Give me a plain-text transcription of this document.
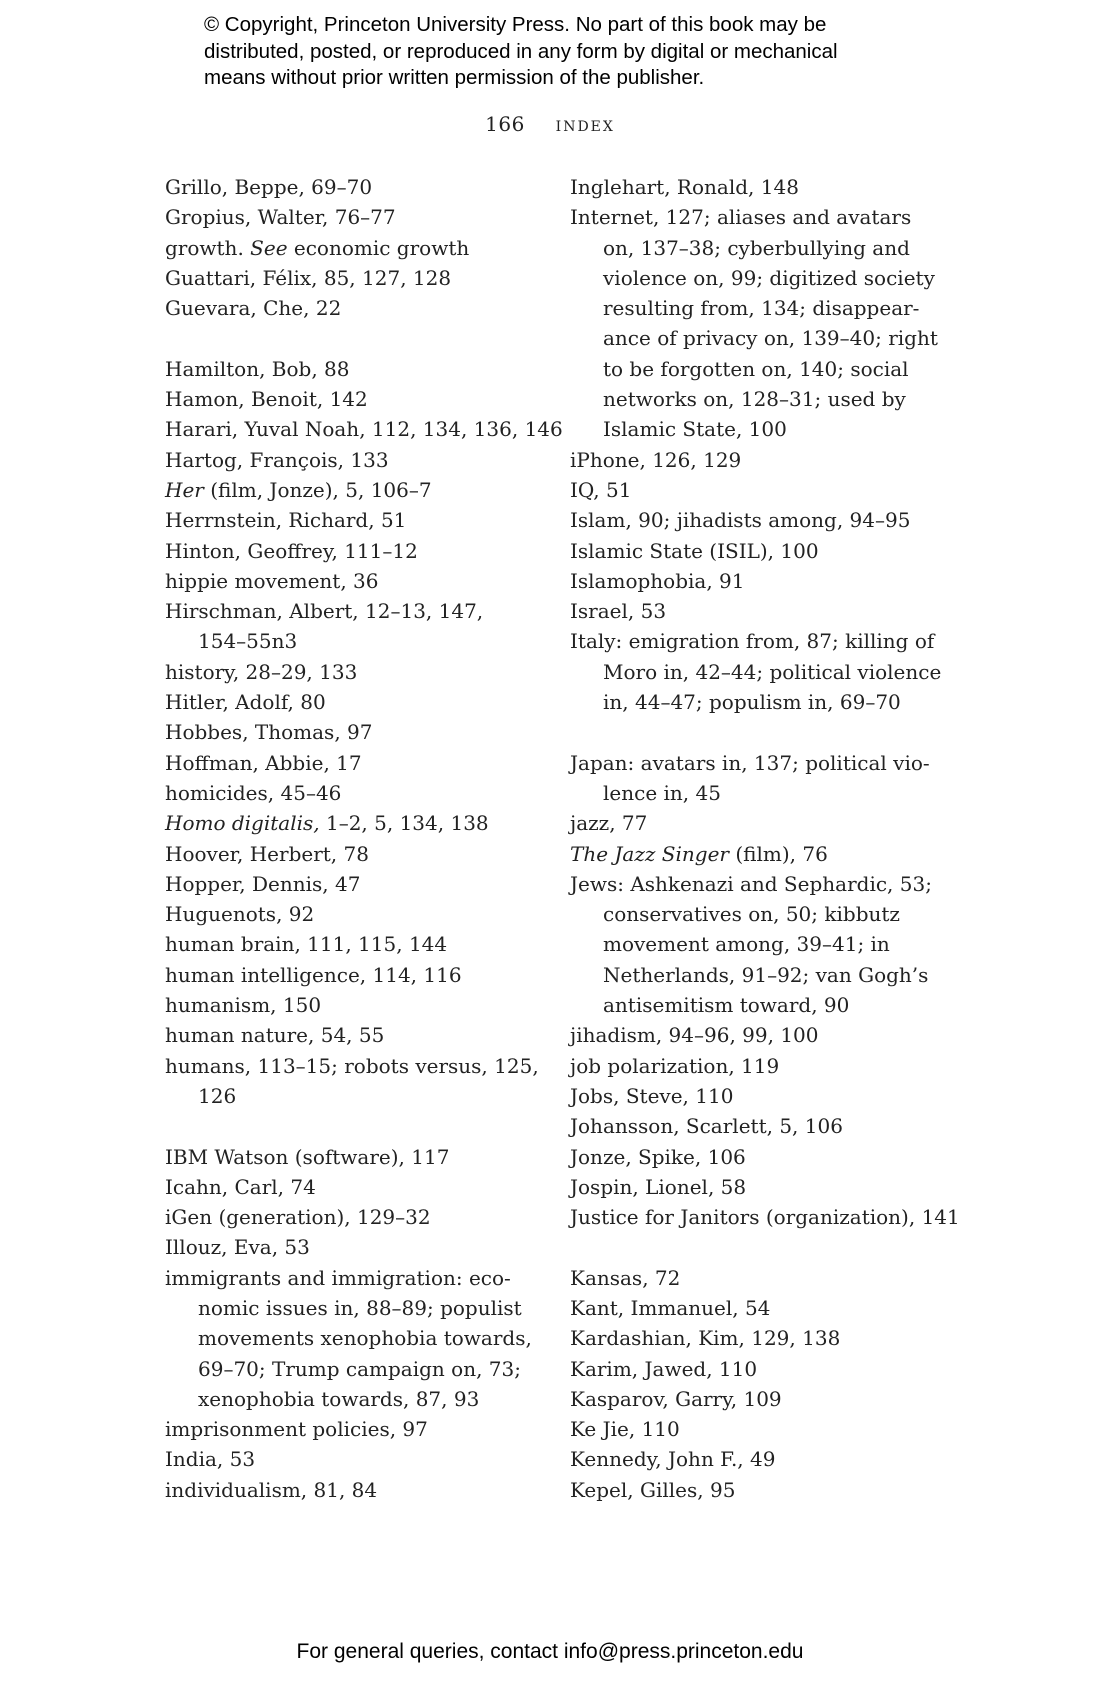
© Copyright, Princeton University Press. No part of this book may be
distributed, posted, or reproduced in any form by digital or mechanical
means without prior written permission of the publisher.
166 index
Grillo, Beppe, 69–70
Gropius, Walter, 76–77
growth. See economic growth
Guattari, Félix, 85, 127, 128
Guevara, Che, 22
Hamilton, Bob, 88
Hamon, Benoit, 142
Harari, Yuval Noah, 112, 134, 136, 146
Hartog, François, 133
Her (film, Jonze), 5, 106–7
Herrnstein, Richard, 51
Hinton, Geoffrey, 111–12
hippie movement, 36
Hirschman, Albert, 12–13, 147,
154–55n3
history, 28–29, 133
Hitler, Adolf, 80
Hobbes, Thomas, 97
Hoffman, Abbie, 17
homicides, 45–46
Homo digitalis, 1–2, 5, 134, 138
Hoover, Herbert, 78
Hopper, Dennis, 47
Huguenots, 92
human brain, 111, 115, 144
human intelligence, 114, 116
humanism, 150
human nature, 54, 55
humans, 113–15; robots versus, 125,
126
IBM Watson (software), 117
Icahn, Carl, 74
iGen (generation), 129–32
Illouz, Eva, 53
immigrants and immigration: eco-
nomic issues in, 88–89; populist
movements xenophobia towards,
69–70; Trump campaign on, 73;
xenophobia towards, 87, 93
imprisonment policies, 97
India, 53
individualism, 81, 84
Inglehart, Ronald, 148
Internet, 127; aliases and avatars
on, 137–38; cyberbullying and
violence on, 99; digitized society
resulting from, 134; disappear-
ance of privacy on, 139–40; right
to be forgotten on, 140; social
networks on, 128–31; used by
Islamic State, 100
iPhone, 126, 129
IQ, 51
Islam, 90; jihadists among, 94–95
Islamic State (ISIL), 100
Islamophobia, 91
Israel, 53
Italy: emigration from, 87; killing of
Moro in, 42–44; political violence
in, 44–47; populism in, 69–70
Japan: avatars in, 137; political vio-
lence in, 45
jazz, 77
The Jazz Singer (film), 76
Jews: Ashkenazi and Sephardic, 53;
conservatives on, 50; kibbutz
movement among, 39–41; in
Netherlands, 91–92; van Gogh’s
antisemitism toward, 90
jihadism, 94–96, 99, 100
job polarization, 119
Jobs, Steve, 110
Johansson, Scarlett, 5, 106
Jonze, Spike, 106
Jospin, Lionel, 58
Justice for Janitors (organization), 141
Kansas, 72
Kant, Immanuel, 54
Kardashian, Kim, 129, 138
Karim, Jawed, 110
Kasparov, Garry, 109
Ke Jie, 110
Kennedy, John F., 49
Kepel, Gilles, 95
For general queries, contact info@press.princeton.edu
